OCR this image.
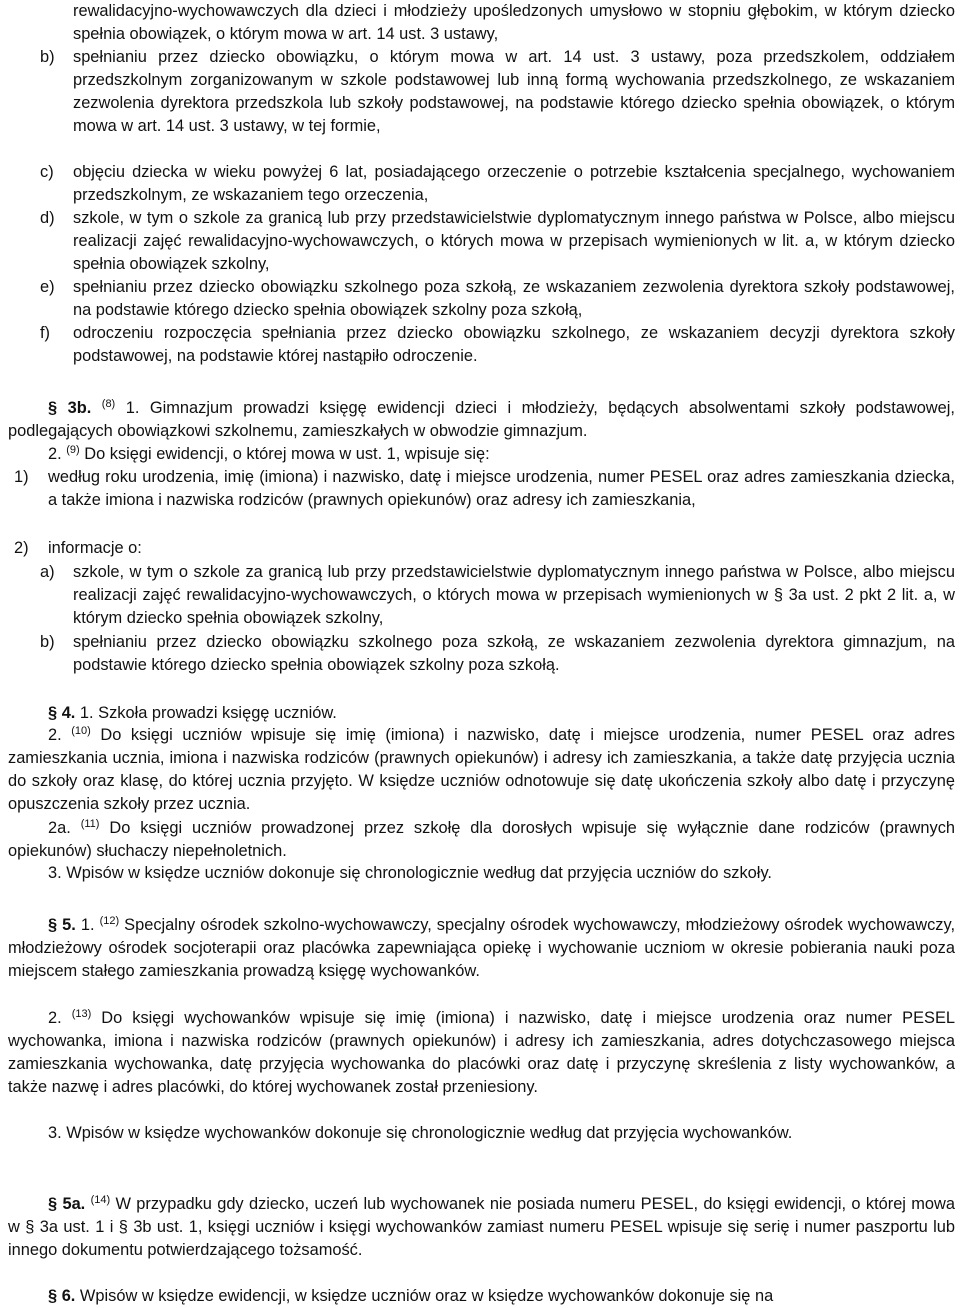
rewalidacyjno-wychowawczych dla dzieci i młodzieży upośledzonych umysłowo w stopniu głębokim, w którym dziecko spełnia obowiązek, o którym mowa w art. 14 ust. 3 ustawy,

b) spełnianiu przez dziecko obowiązku, o którym mowa w art. 14 ust. 3 ustawy, poza przedszkolem, oddziałem przedszkolnym zorganizowanym w szkole podstawowej lub inną formą wychowania przedszkolnego, ze wskazaniem zezwolenia dyrektora przedszkola lub szkoły podstawowej, na podstawie którego dziecko spełnia obowiązek, o którym mowa w art. 14 ust. 3 ustawy, w tej formie,

c) objęciu dziecka w wieku powyżej 6 lat, posiadającego orzeczenie o potrzebie kształcenia specjalnego, wychowaniem przedszkolnym, ze wskazaniem tego orzeczenia,

d) szkole, w tym o szkole za granicą lub przy przedstawicielstwie dyplomatycznym innego państwa w Polsce, albo miejscu realizacji zajęć rewalidacyjno-wychowawczych, o których mowa w przepisach wymienionych w lit. a, w którym dziecko spełnia obowiązek szkolny,

e) spełnianiu przez dziecko obowiązku szkolnego poza szkołą, ze wskazaniem zezwolenia dyrektora szkoły podstawowej, na podstawie którego dziecko spełnia obowiązek szkolny poza szkołą,

f) odroczeniu rozpoczęcia spełniania przez dziecko obowiązku szkolnego, ze wskazaniem decyzji dyrektora szkoły podstawowej, na podstawie której nastąpiło odroczenie.

§ 3b. $^{(8)}$ 1. Gimnazjum prowadzi księgę ewidencji dzieci i młodzieży, będących absolwentami szkoły podstawowej, podlegających obowiązkowi szkolnemu, zamieszkałych w obwodzie gimnazjum.

2. $^{(9)}$ Do księgi ewidencji, o której mowa w ust. 1, wpisuje się:

1) według roku urodzenia, imię (imiona) i nazwisko, datę i miejsce urodzenia, numer PESEL oraz adres zamieszkania dziecka, a także imiona i nazwiska rodziców (prawnych opiekunów) oraz adresy ich zamieszkania,

2) informacje o:

a) szkole, w tym o szkole za granicą lub przy przedstawicielstwie dyplomatycznym innego państwa w Polsce, albo miejscu realizacji zajęć rewalidacyjno-wychowawczych, o których mowa w przepisach wymienionych w § 3a ust. 2 pkt 2 lit. a, w którym dziecko spełnia obowiązek szkolny,

b) spełnianiu przez dziecko obowiązku szkolnego poza szkołą, ze wskazaniem zezwolenia dyrektora gimnazjum, na podstawie którego dziecko spełnia obowiązek szkolny poza szkołą.

§ 4. 1. Szkoła prowadzi księgę uczniów.

2. $^{(10)}$ Do księgi uczniów wpisuje się imię (imiona) i nazwisko, datę i miejsce urodzenia, numer PESEL oraz adres zamieszkania ucznia, imiona i nazwiska rodziców (prawnych opiekunów) i adresy ich zamieszkania, a także datę przyjęcia ucznia do szkoły oraz klasę, do której ucznia przyjęto. W księdze uczniów odnotowuje się datę ukończenia szkoły albo datę i przyczynę opuszczenia szkoły przez ucznia.

2a. $^{(11)}$ Do księgi uczniów prowadzonej przez szkołę dla dorosłych wpisuje się wyłącznie dane rodziców (prawnych opiekunów) słuchaczy niepełnoletnich.

3. Wpisów w księdze uczniów dokonuje się chronologicznie według dat przyjęcia uczniów do szkoły.

§ 5. 1. $^{(12)}$ Specjalny ośrodek szkolno-wychowawczy, specjalny ośrodek wychowawczy, młodzieżowy ośrodek wychowawczy, młodzieżowy ośrodek socjoterapii oraz placówka zapewniająca opiekę i wychowanie uczniom w okresie pobierania nauki poza miejscem stałego zamieszkania prowadzą księgę wychowanków.

2. $^{(13)}$ Do księgi wychowanków wpisuje się imię (imiona) i nazwisko, datę i miejsce urodzenia oraz numer PESEL wychowanka, imiona i nazwiska rodziców (prawnych opiekunów) i adresy ich zamieszkania, adres dotychczasowego miejsca zamieszkania wychowanka, datę przyjęcia wychowanka do placówki oraz datę i przyczynę skreślenia z listy wychowanków, a także nazwę i adres placówki, do której wychowanek został przeniesiony.

3. Wpisów w księdze wychowanków dokonuje się chronologicznie według dat przyjęcia wychowanków.

§ 5a. $^{(14)}$ W przypadku gdy dziecko, uczeń lub wychowanek nie posiada numeru PESEL, do księgi ewidencji, o której mowa w § 3a ust. 1 i § 3b ust. 1, księgi uczniów i księgi wychowanków zamiast numeru PESEL wpisuje się serię i numer paszportu lub innego dokumentu potwierdzającego tożsamość.

§ 6. Wpisów w księdze ewidencji, w księdze uczniów oraz w księdze wychowanków dokonuje się na
